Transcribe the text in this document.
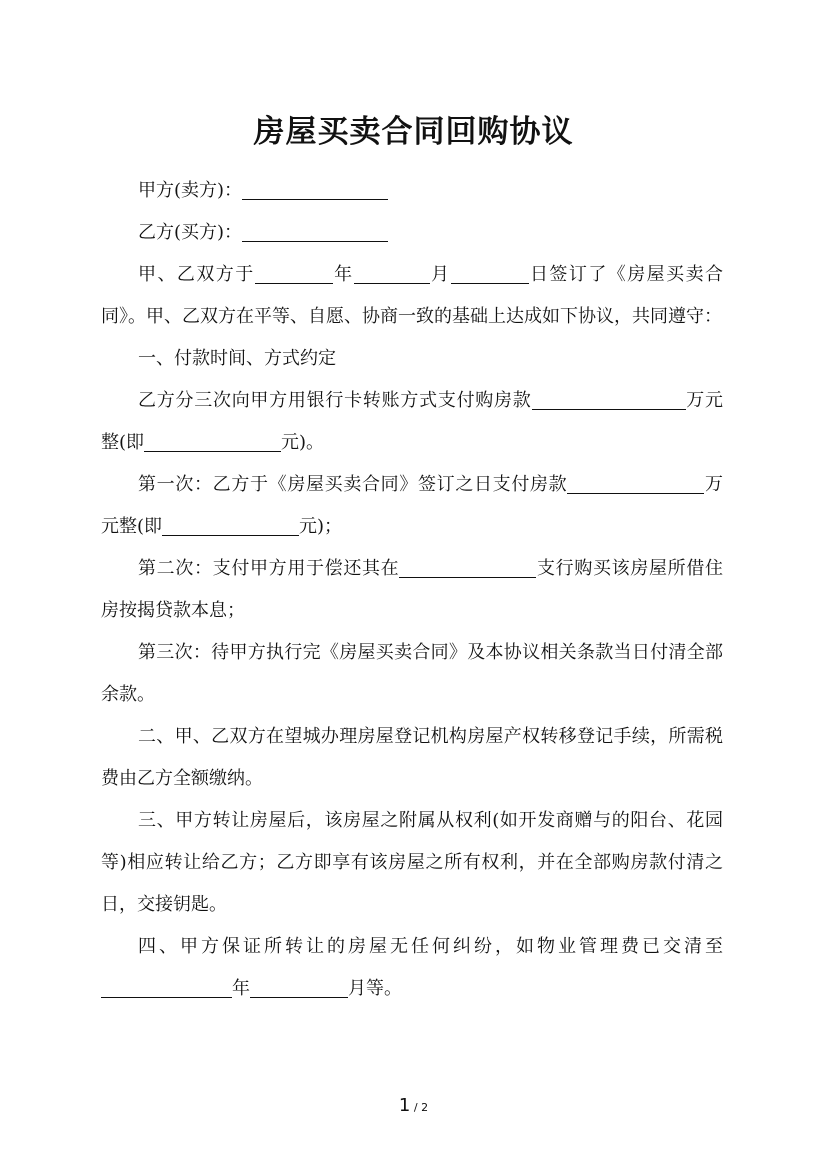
房屋买卖合同回购协议

甲方(卖方)：

乙方(买方)：

甲、乙双方于	年	月	日签订了《房屋买卖合同》。甲、乙双方在平等、自愿、协商一致的基础上达成如下协议，共同遵守：

一、付款时间、方式约定

乙方分三次向甲方用银行卡转账方式支付购房款	万元整(即	元)。

第一次：乙方于《房屋买卖合同》签订之日支付房款	万元整(即	元)；

第二次：支付甲方用于偿还其在	支行购买该房屋所借住房按揭贷款本息；

第三次：待甲方执行完《房屋买卖合同》及本协议相关条款当日付清全部余款。

二、甲、乙双方在望城办理房屋登记机构房屋产权转移登记手续，所需税费由乙方全额缴纳。

三、甲方转让房屋后，该房屋之附属从权利(如开发商赠与的阳台、花园等)相应转让给乙方；乙方即享有该房屋之所有权利，并在全部购房款付清之日，交接钥匙。

四、甲方保证所转让的房屋无任何纠纷，如物业管理费已交清至年	月等。

1 / 2
